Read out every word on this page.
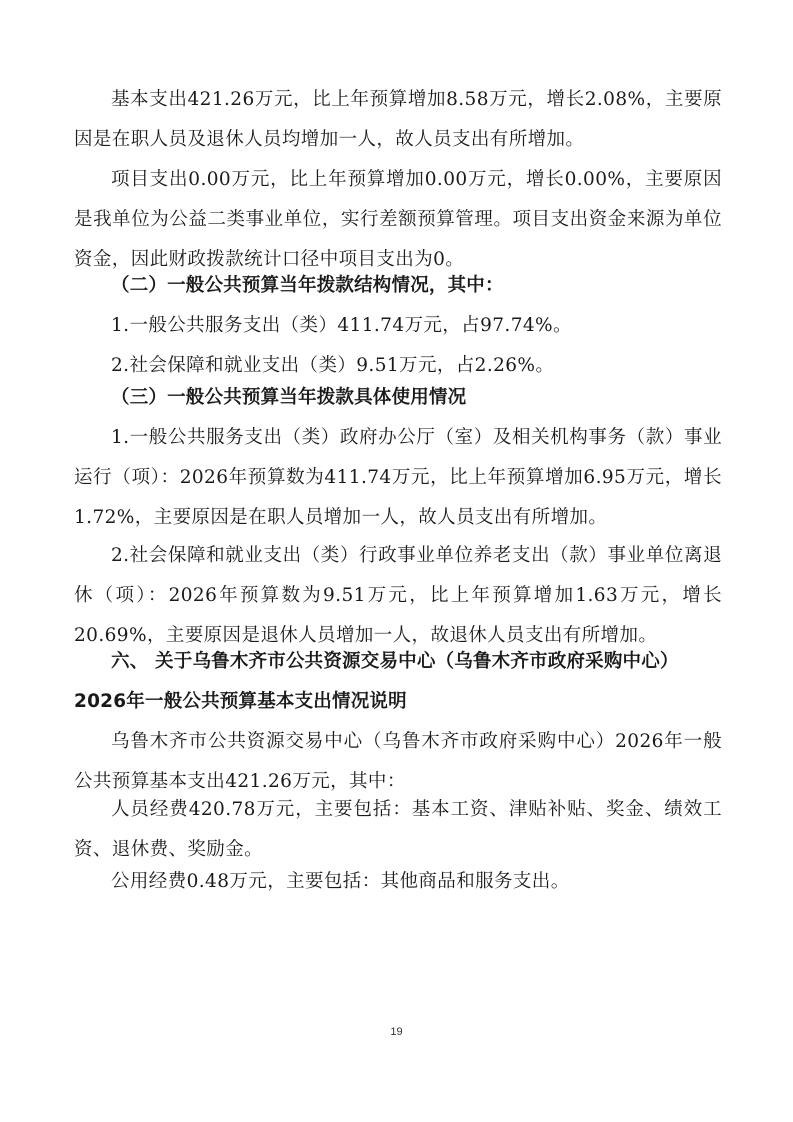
基本支出421.26万元，比上年预算增加8.58万元，增长2.08%，主要原因是在职人员及退休人员均增加一人，故人员支出有所增加。

项目支出0.00万元，比上年预算增加0.00万元，增长0.00%，主要原因是我单位为公益二类事业单位，实行差额预算管理。项目支出资金来源为单位资金，因此财政拨款统计口径中项目支出为0。

（二）一般公共预算当年拨款结构情况，其中：

1.一般公共服务支出（类）411.74万元，占97.74%。

2.社会保障和就业支出（类）9.51万元，占2.26%。

（三）一般公共预算当年拨款具体使用情况

1.一般公共服务支出（类）政府办公厅（室）及相关机构事务（款）事业运行（项）：2026年预算数为411.74万元，比上年预算增加6.95万元，增长1.72%，主要原因是在职人员增加一人，故人员支出有所增加。

2.社会保障和就业支出（类）行政事业单位养老支出（款）事业单位离退休（项）：2026年预算数为9.51万元，比上年预算增加1.63万元，增长20.69%，主要原因是退休人员增加一人，故退休人员支出有所增加。

六、 关于乌鲁木齐市公共资源交易中心（乌鲁木齐市政府采购中心）
2026年一般公共预算基本支出情况说明

乌鲁木齐市公共资源交易中心（乌鲁木齐市政府采购中心）2026年一般公共预算基本支出421.26万元，其中：

人员经费420.78万元，主要包括：基本工资、津贴补贴、奖金、绩效工资、退休费、奖励金。

公用经费0.48万元，主要包括：其他商品和服务支出。

19
